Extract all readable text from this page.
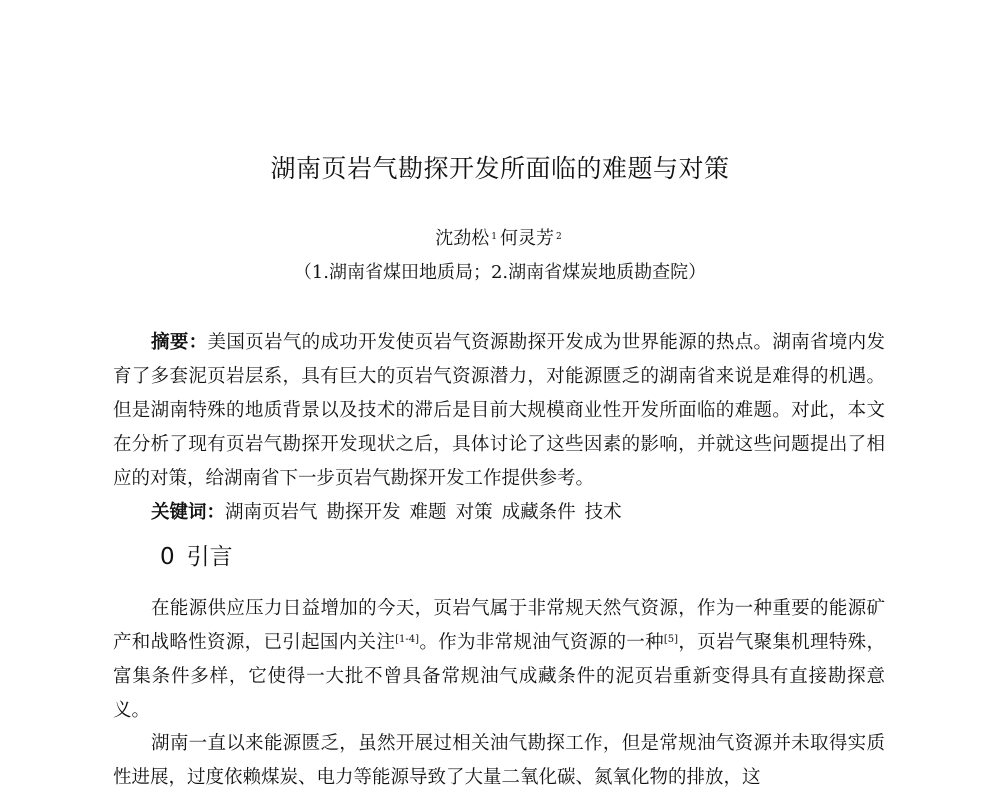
湖南页岩气勘探开发所面临的难题与对策
沈劲松 $^1$ 何灵芳 $^2$
（1.湖南省煤田地质局；2.湖南省煤炭地质勘查院）
摘要：美国页岩气的成功开发使页岩气资源勘探开发成为世界能源的热点。湖南省境内发育了多套泥页岩层系，具有巨大的页岩气资源潜力，对能源匮乏的湖南省来说是难得的机遇。但是湖南特殊的地质背景以及技术的滞后是目前大规模商业性开发所面临的难题。对此，本文在分析了现有页岩气勘探开发现状之后，具体讨论了这些因素的影响，并就这些问题提出了相应的对策，给湖南省下一步页岩气勘探开发工作提供参考。
关键词：湖南页岩气 勘探开发 难题 对策 成藏条件 技术
0 引言

在能源供应压力日益增加的今天，页岩气属于非常规天然气资源，作为一种重要的能源矿产和战略性资源，已引起国内关注[1-4]。作为非常规油气资源的一种[5]，页岩气聚集机理特殊，富集条件多样，它使得一大批不曾具备常规油气成藏条件的泥页岩重新变得具有直接勘探意义。

湖南一直以来能源匮乏，虽然开展过相关油气勘探工作，但是常规油气资源并未取得实质性进展，过度依赖煤炭、电力等能源导致了大量二氧化碳、氮氧化物的排放，这
